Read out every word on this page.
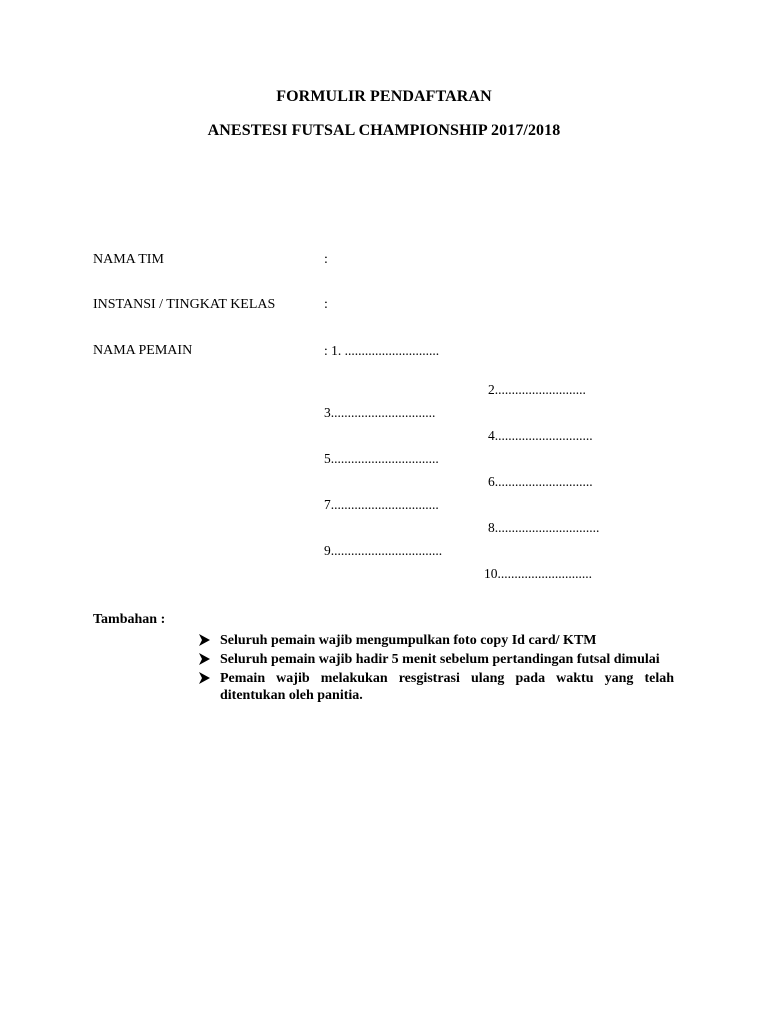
FORMULIR PENDAFTARAN
ANESTESI FUTSAL CHAMPIONSHIP 2017/2018
NAMA TIM	:
INSTANSI / TINGKAT KELAS	:
NAMA PEMAIN	: 1. ............................
2...........................
3...............................
4.............................
5................................
6.............................
7................................
8...............................
9.................................
10............................
Tambahan :
Seluruh pemain wajib mengumpulkan foto copy Id card/ KTM
Seluruh pemain wajib hadir 5 menit sebelum pertandingan futsal dimulai
Pemain wajib melakukan resgistrasi ulang pada waktu yang telah ditentukan oleh panitia.
